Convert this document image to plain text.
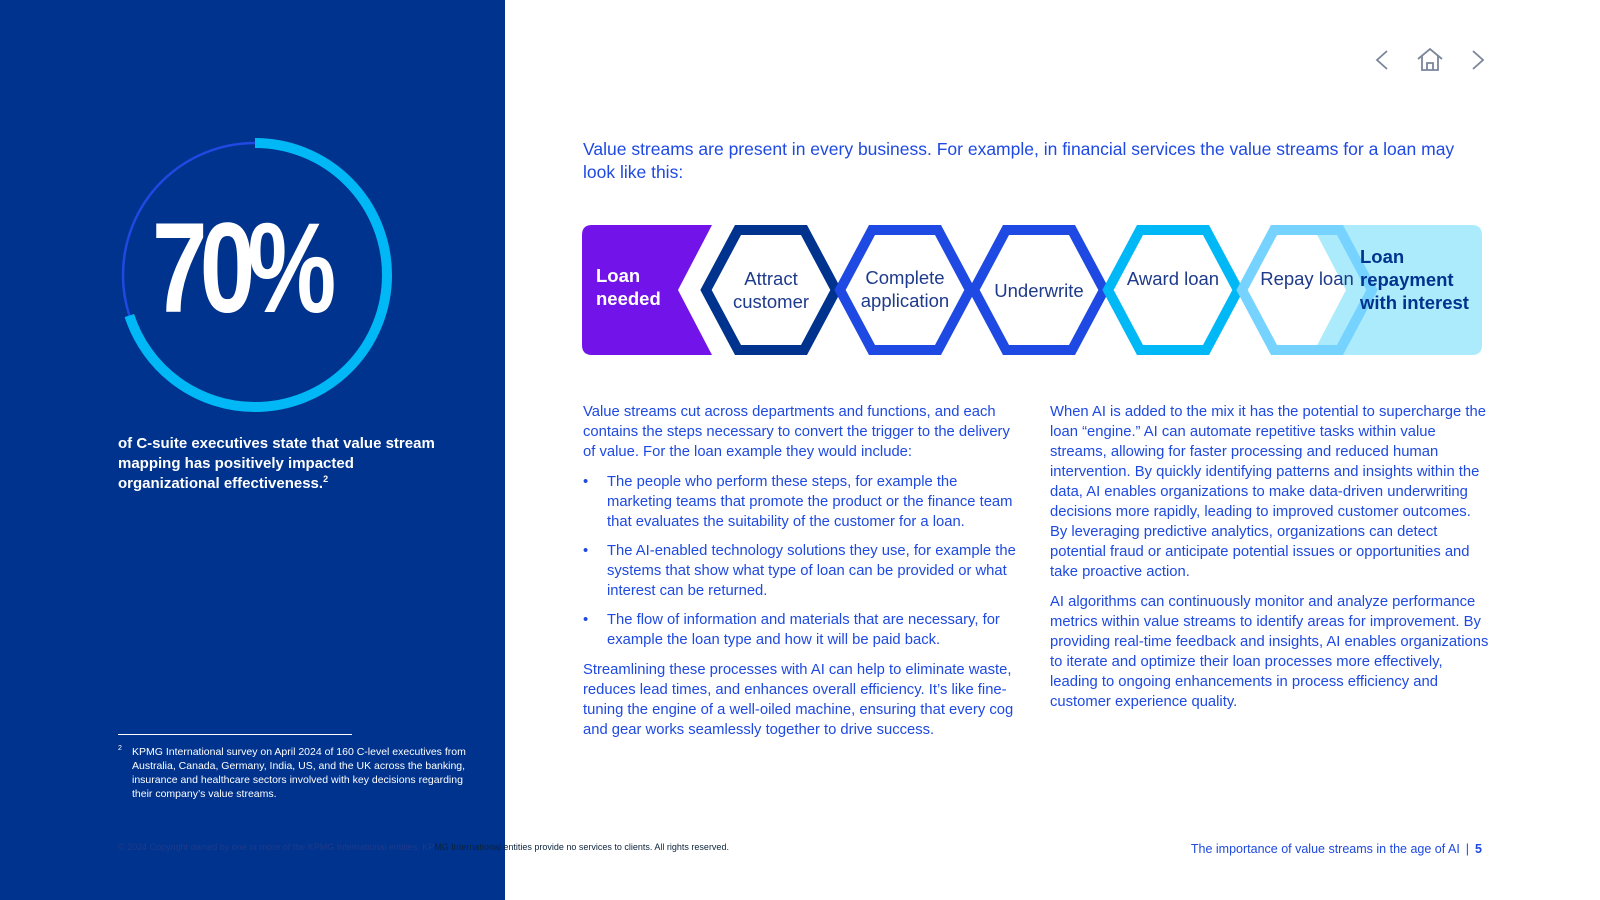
70%
of C-suite executives state that value stream mapping has positively impacted organizational effectiveness.$^2$
2 KPMG International survey on April 2024 of 160 C-level executives from Australia, Canada, Germany, India, US, and the UK across the banking, insurance and healthcare sectors involved with key decisions regarding their company’s value streams.
© 2024 Copyright owned by one or more of the KPMG International entities. KPMG International entities provide no services to clients. All rights reserved.
Value streams are present in every business. For example, in financial services the value streams for a loan may look like this:
Loan needed
Attract customer
Complete application	Underwrite
Award loan Repay loan
Loan repayment with interest

Value streams cut across departments and functions, and each contains the steps necessary to convert the trigger to the delivery of value. For the loan example they would include:

• The people who perform these steps, for example the marketing teams that promote the product or the finance team that evaluates the suitability of the customer for a loan.
• The AI-enabled technology solutions they use, for example the systems that show what type of loan can be provided or what interest can be returned.
• The flow of information and materials that are necessary, for example the loan type and how it will be paid back.

Streamlining these processes with AI can help to eliminate waste, reduces lead times, and enhances overall efficiency. It’s like fine-tuning the engine of a well-oiled machine, ensuring that every cog and gear works seamlessly together to drive success.

When AI is added to the mix it has the potential to supercharge the loan “engine.” AI can automate repetitive tasks within value streams, allowing for faster processing and reduced human intervention. By quickly identifying patterns and insights within the data, AI enables organizations to make data-driven underwriting decisions more rapidly, leading to improved customer outcomes. By leveraging predictive analytics, organizations can detect potential fraud or anticipate potential issues or opportunities and take proactive action.

AI algorithms can continuously monitor and analyze performance metrics within value streams to identify areas for improvement. By providing real-time feedback and insights, AI enables organizations to iterate and optimize their loan processes more effectively, leading to ongoing enhancements in process efficiency and customer experience quality.

The importance of value streams in the age of AI | 5
